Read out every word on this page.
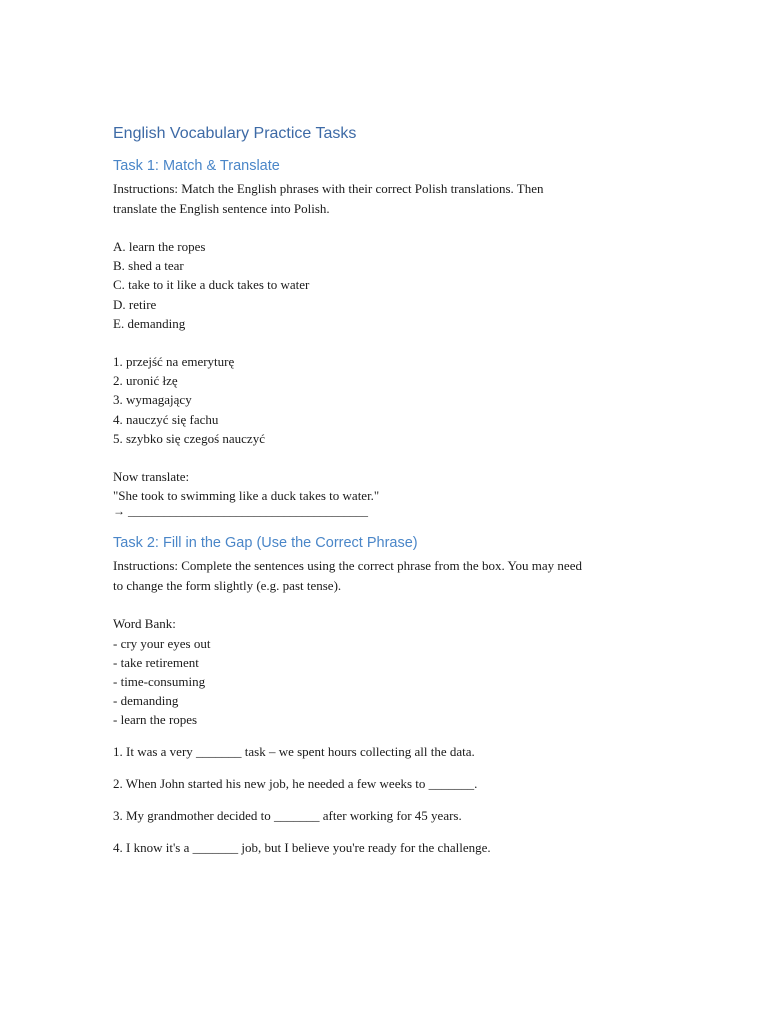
English Vocabulary Practice Tasks
Task 1: Match & Translate

Instructions: Match the English phrases with their correct Polish translations. Then

translate the English sentence into Polish.

A. learn the ropes

B. shed a tear

C. take to it like a duck takes to water

D. retire

E. demanding

1. przejść na emeryturę

2. uronić łzę

3. wymagający

4. nauczyć się fachu

5. szybko się czegoś nauczyć

Now translate:

"She took to swimming like a duck takes to water."

→ ________________________________________

Task 2: Fill in the Gap (Use the Correct Phrase)

Instructions: Complete the sentences using the correct phrase from the box. You may need

to change the form slightly (e.g. past tense).

Word Bank:

- cry your eyes out

- take retirement

- time-consuming

- demanding

- learn the ropes

1. It was a very _______ task – we spent hours collecting all the data.

2. When John started his new job, he needed a few weeks to _______.

3. My grandmother decided to _______ after working for 45 years.

4. I know it's a _______ job, but I believe you're ready for the challenge.
